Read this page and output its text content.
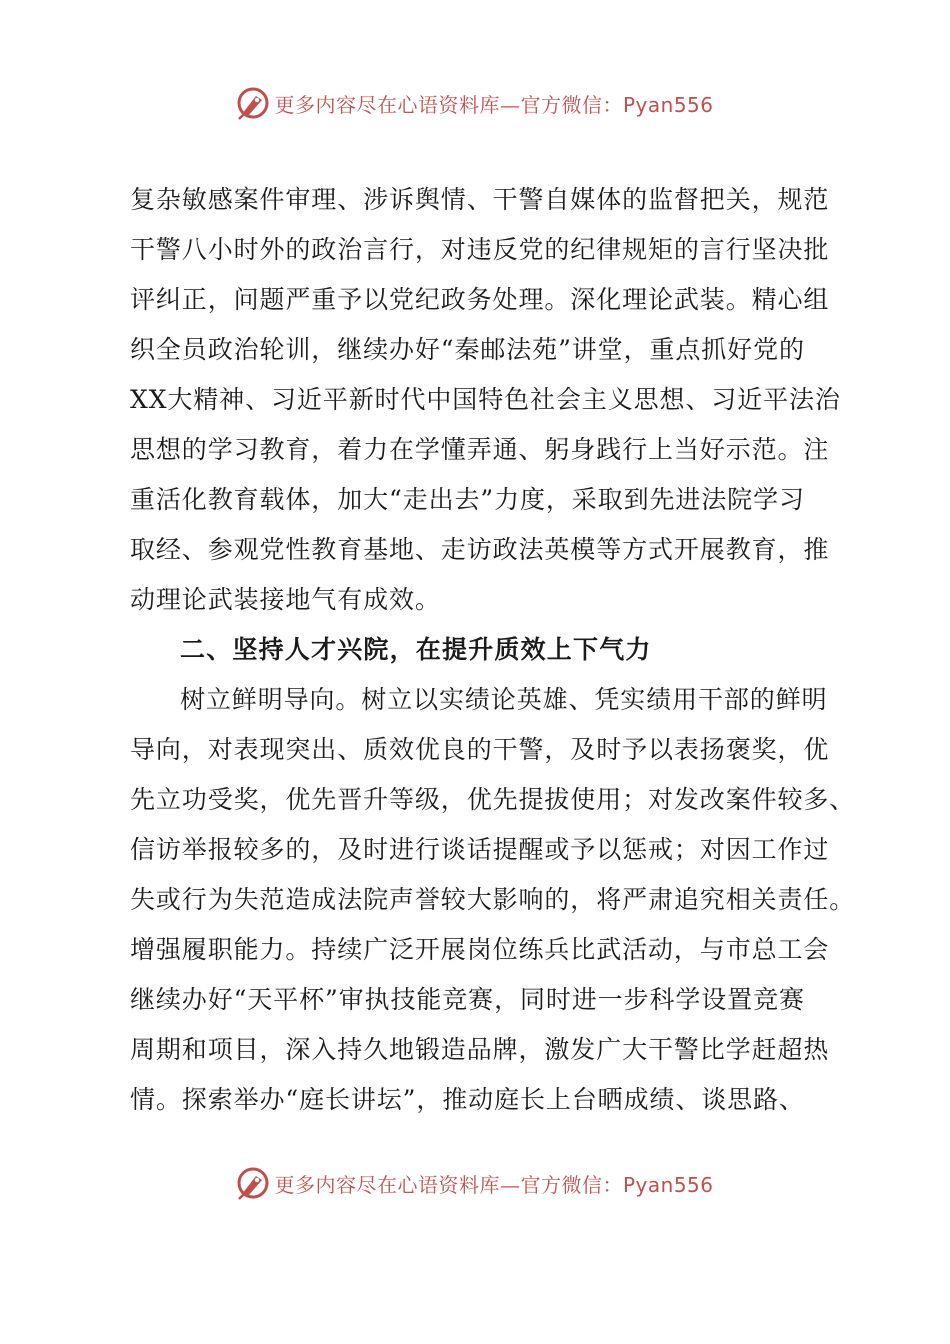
更多内容尽在心语资料库—官方微信：Pyan556
复杂敏感案件审理、涉诉舆情、干警自媒体的监督把关，规范
干警八小时外的政治言行，对违反党的纪律规矩的言行坚决批
评纠正，问题严重予以党纪政务处理。深化理论武装。精心组
织全员政治轮训，继续办好“秦邮法苑”讲堂，重点抓好党的
XX大精神、习近平新时代中国特色社会主义思想、习近平法治
思想的学习教育，着力在学懂弄通、躬身践行上当好示范。注
重活化教育载体，加大“走出去”力度，采取到先进法院学习
取经、参观党性教育基地、走访政法英模等方式开展教育，推
动理论武装接地气有成效。
二、坚持人才兴院，在提升质效上下气力
树立鲜明导向。树立以实绩论英雄、凭实绩用干部的鲜明
导向，对表现突出、质效优良的干警，及时予以表扬褒奖，优
先立功受奖，优先晋升等级，优先提拔使用；对发改案件较多、
信访举报较多的，及时进行谈话提醒或予以惩戒；对因工作过
失或行为失范造成法院声誉较大影响的，将严肃追究相关责任。
增强履职能力。持续广泛开展岗位练兵比武活动，与市总工会
继续办好“天平杯”审执技能竞赛，同时进一步科学设置竞赛
周期和项目，深入持久地锻造品牌，激发广大干警比学赶超热
情。探索举办“庭长讲坛”，推动庭长上台晒成绩、谈思路、
更多内容尽在心语资料库—官方微信：Pyan556
